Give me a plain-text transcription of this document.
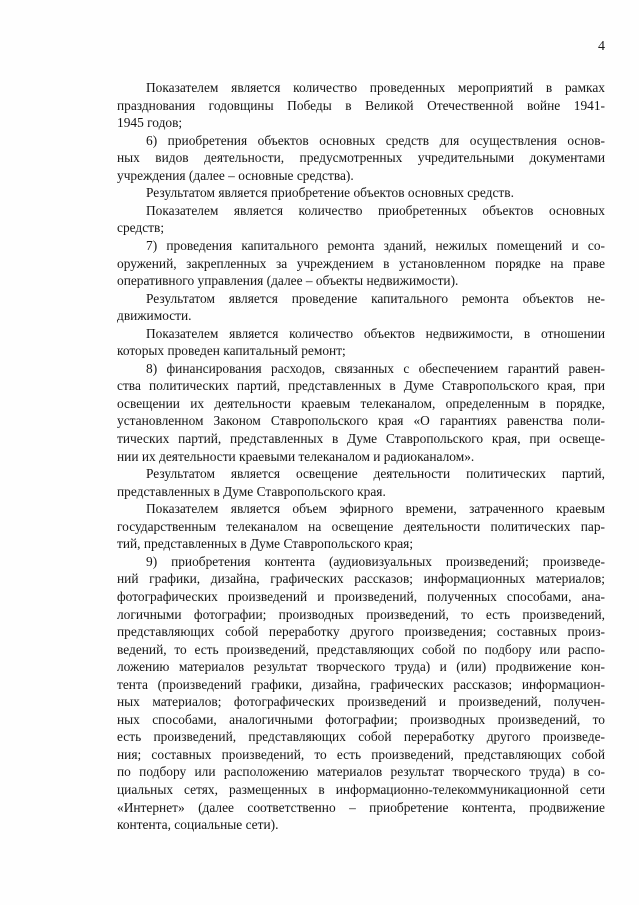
4
Показателем является количество проведенных мероприятий в рамках
празднования годовщины Победы в Великой Отечественной войне 1941-
1945 годов;
6) приобретения объектов основных средств для осуществления основ-
ных видов деятельности, предусмотренных учредительными документами
учреждения (далее – основные средства).
Результатом является приобретение объектов основных средств.
Показателем является количество приобретенных объектов основных
средств;
7) проведения капитального ремонта зданий, нежилых помещений и со-
оружений, закрепленных за учреждением в установленном порядке на праве
оперативного управления (далее – объекты недвижимости).
Результатом является проведение капитального ремонта объектов не-
движимости.
Показателем является количество объектов недвижимости, в отношении
которых проведен капитальный ремонт;
8) финансирования расходов, связанных с обеспечением гарантий равен-
ства политических партий, представленных в Думе Ставропольского края, при
освещении их деятельности краевым телеканалом, определенным в порядке,
установленном Законом Ставропольского края «О гарантиях равенства поли-
тических партий, представленных в Думе Ставропольского края, при освеще-
нии их деятельности краевыми телеканалом и радиоканалом».
Результатом является освещение деятельности политических партий,
представленных в Думе Ставропольского края.
Показателем является объем эфирного времени, затраченного краевым
государственным телеканалом на освещение деятельности политических пар-
тий, представленных в Думе Ставропольского края;
9) приобретения контента (аудиовизуальных произведений; произведе-
ний графики, дизайна, графических рассказов; информационных материалов;
фотографических произведений и произведений, полученных способами, ана-
логичными фотографии; производных произведений, то есть произведений,
представляющих собой переработку другого произведения; составных произ-
ведений, то есть произведений, представляющих собой по подбору или распо-
ложению материалов результат творческого труда) и (или) продвижение кон-
тента (произведений графики, дизайна, графических рассказов; информацион-
ных материалов; фотографических произведений и произведений, получен-
ных способами, аналогичными фотографии; производных произведений, то
есть произведений, представляющих собой переработку другого произведе-
ния; составных произведений, то есть произведений, представляющих собой
по подбору или расположению материалов результат творческого труда) в со-
циальных сетях, размещенных в информационно-телекоммуникационной сети
«Интернет» (далее соответственно – приобретение контента, продвижение
контента, социальные сети).
